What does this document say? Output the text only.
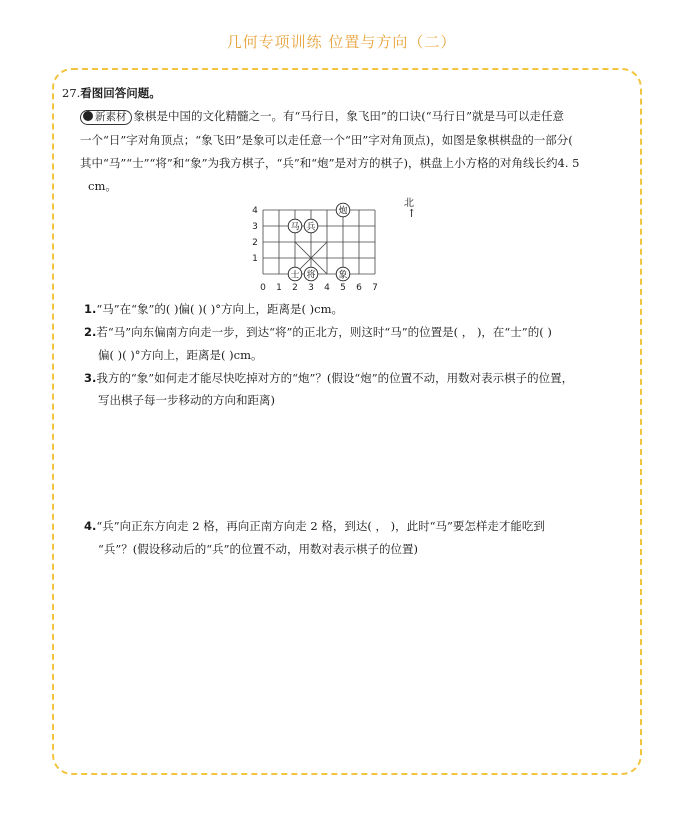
几何专项训练 位置与方向（二）
27.看图回答问题。
新素材 象棋是中国的文化精髓之一。有“马行日，象飞田”的口诀(“马行日”就是马可以走任意
一个“日”字对角顶点；“象飞田”是象可以走任意一个“田”字对角顶点)，如图是象棋棋盘的一部分(
其中“马”“士”“将”和“象”为我方棋子，“兵”和“炮”是对方的棋子)，棋盘上小方格的对角线长约4. 5
cm。
0 1 2 3 4 5 6 7
1
2
3
4
马 兵
炮
士 将	象
北
↑
1.“马”在“象”的( )偏( )( )°方向上，距离是( )cm。
2.若“马”向东偏南方向走一步，到达“将”的正北方，则这时“马”的位置是( ， )，在“士”的( )
偏( )( )°方向上，距离是( )cm。
3.我方的“象”如何走才能尽快吃掉对方的“炮”？(假设“炮”的位置不动，用数对表示棋子的位置，
写出棋子每一步移动的方向和距离)
4.“兵”向正东方向走 2 格，再向正南方向走 2 格，到达( ， )，此时“马”要怎样走才能吃到
“兵”？(假设移动后的“兵”的位置不动，用数对表示棋子的位置)
